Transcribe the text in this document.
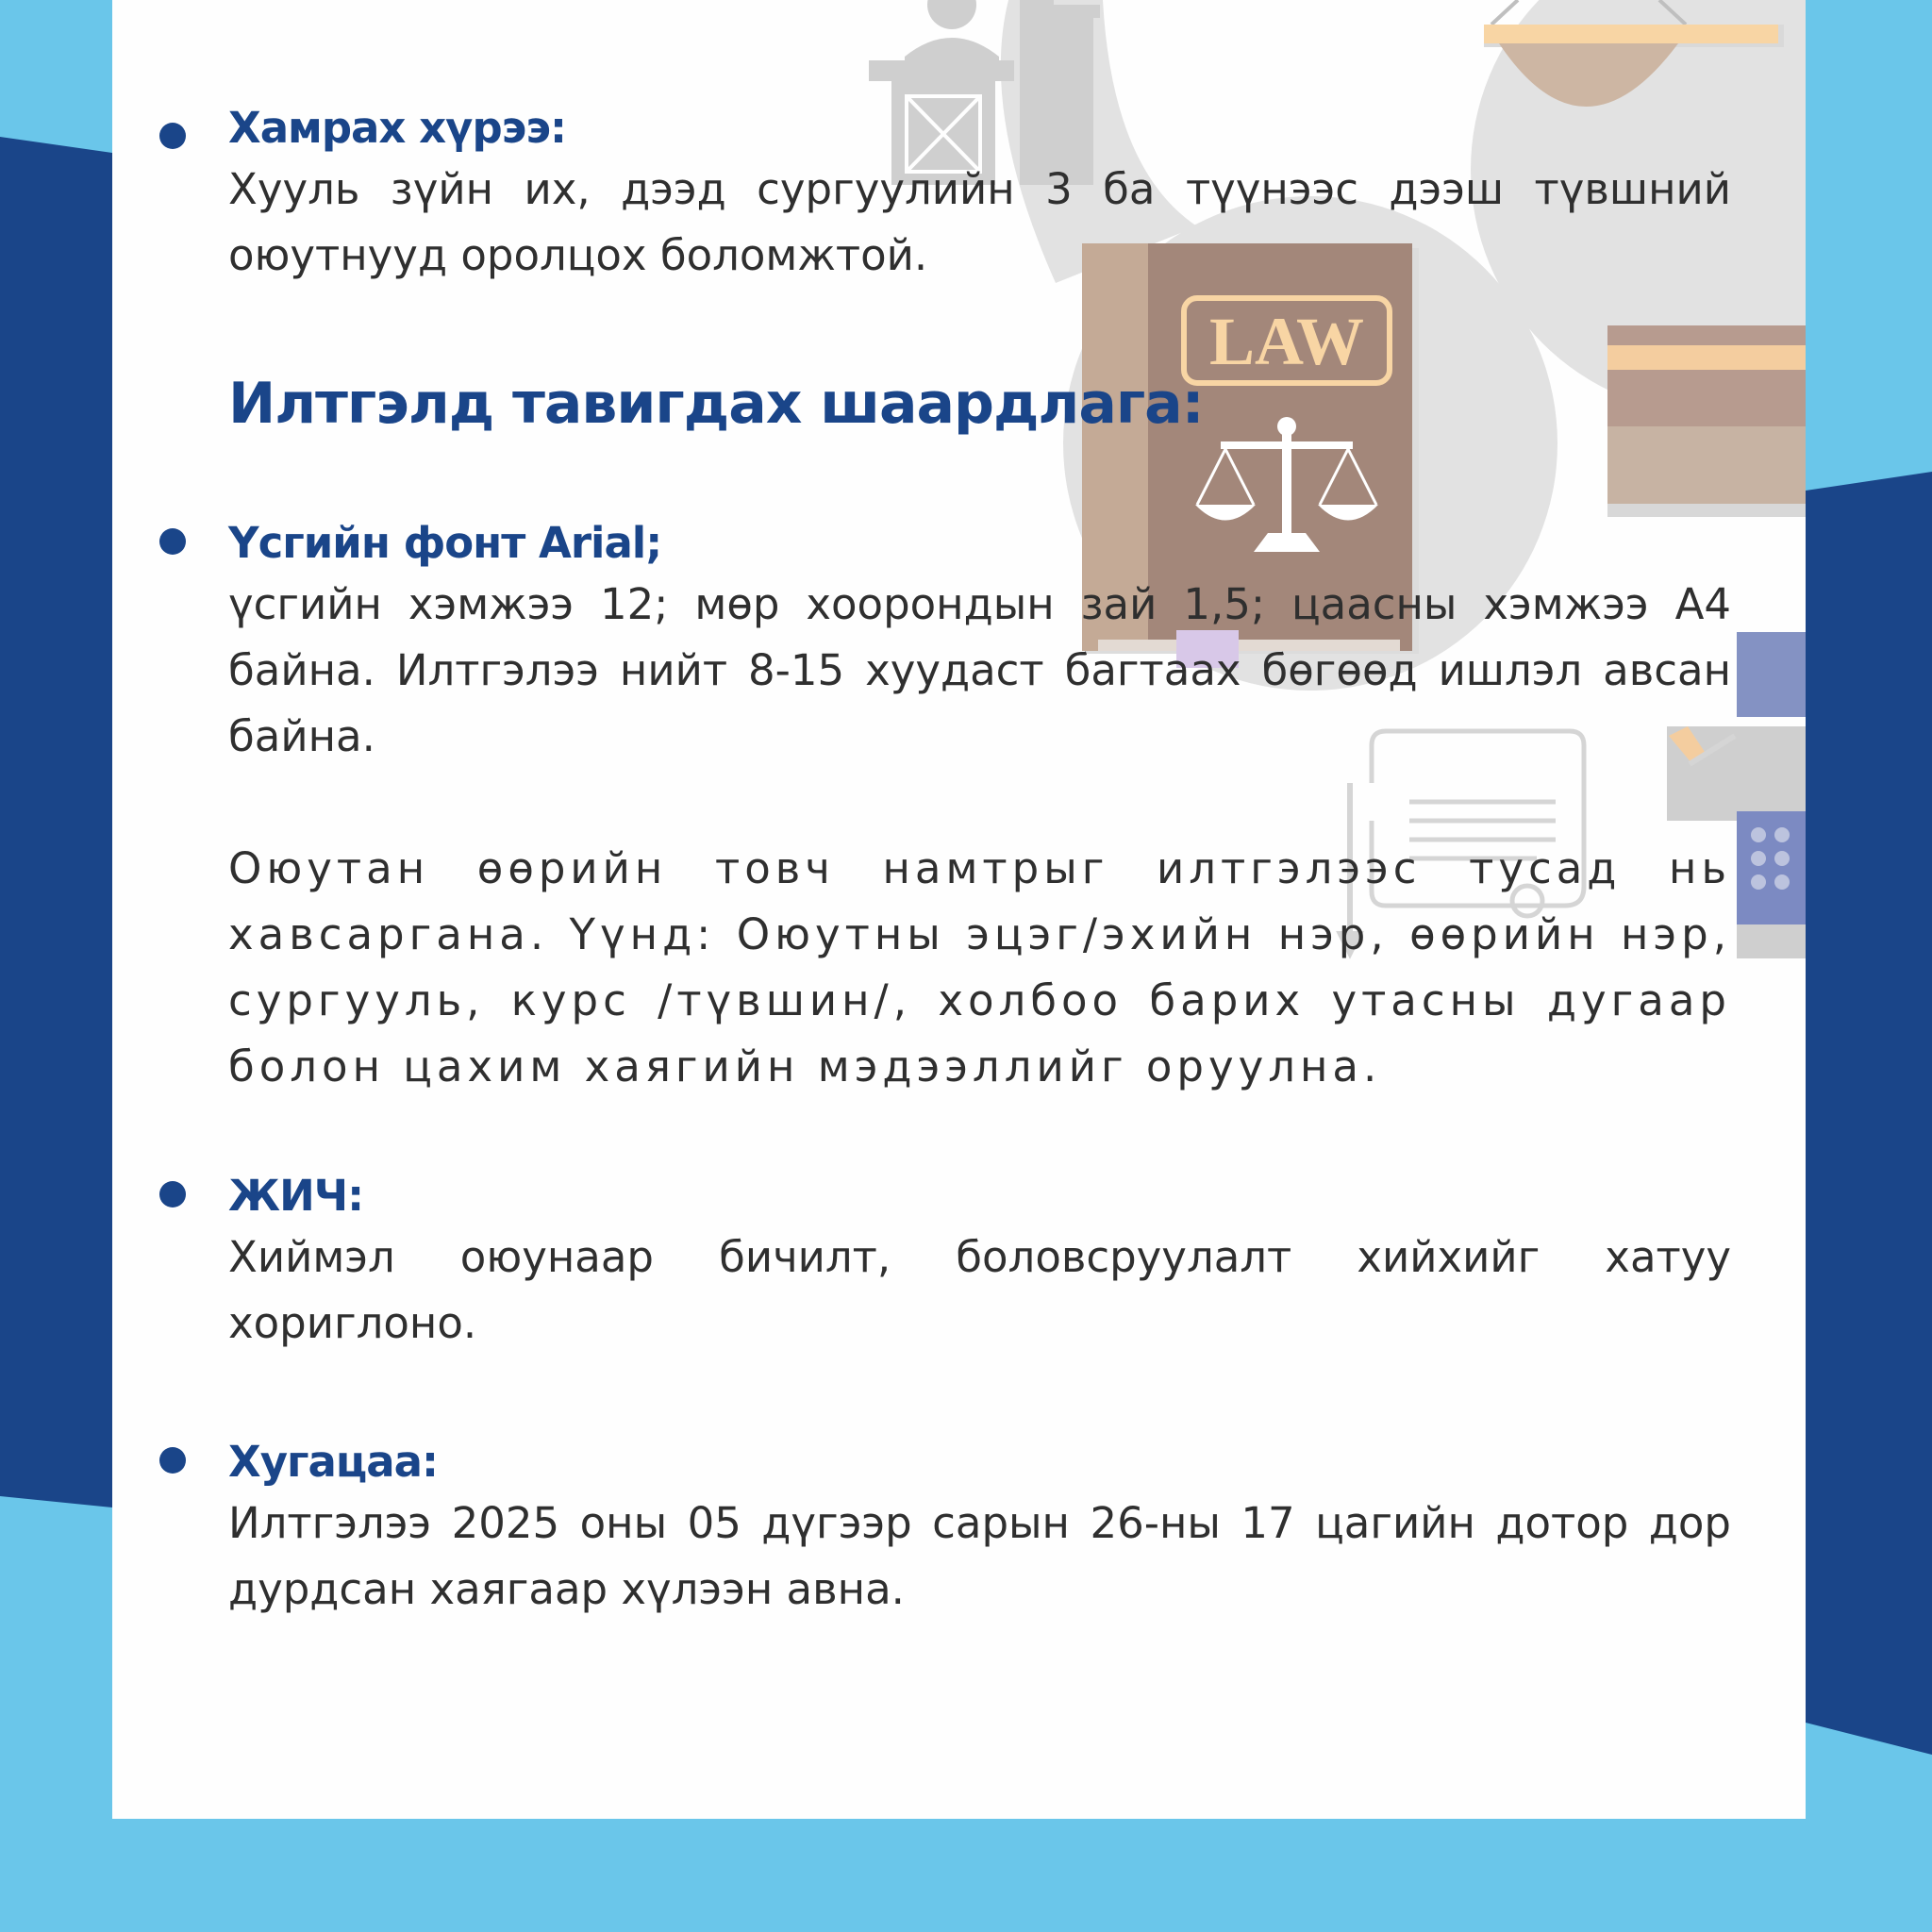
LAW
Хамрах хүрээ:

Хууль зүйн их, дээд сургуулийн 3 ба түүнээс дээш түвшний оюутнууд оролцох боломжтой.

Илтгэлд тавигдах шаардлага:
Үсгийн фонт Arial;

үсгийн хэмжээ 12; мөр хоорондын зай 1,5; цаасны хэмжээ А4 байна. Илтгэлээ нийт 8-15 хуудаст багтаах бөгөөд ишлэл авсан байна.

Оюутан өөрийн товч намтрыг илтгэлээс тусад нь хавсаргана. Үүнд: Оюутны эцэг/эхийн нэр, өөрийн нэр, сургууль, курс /түвшин/, холбоо барих утасны дугаар болон цахим хаягийн мэдээллийг оруулна.

ЖИЧ:

Хиймэл оюунаар бичилт, боловсруулалт хийхийг хатуу хориглоно.

Хугацаа:

Илтгэлээ 2025 оны 05 дүгээр сарын 26-ны 17 цагийн дотор дор дурдсан хаягаар хүлээн авна.
